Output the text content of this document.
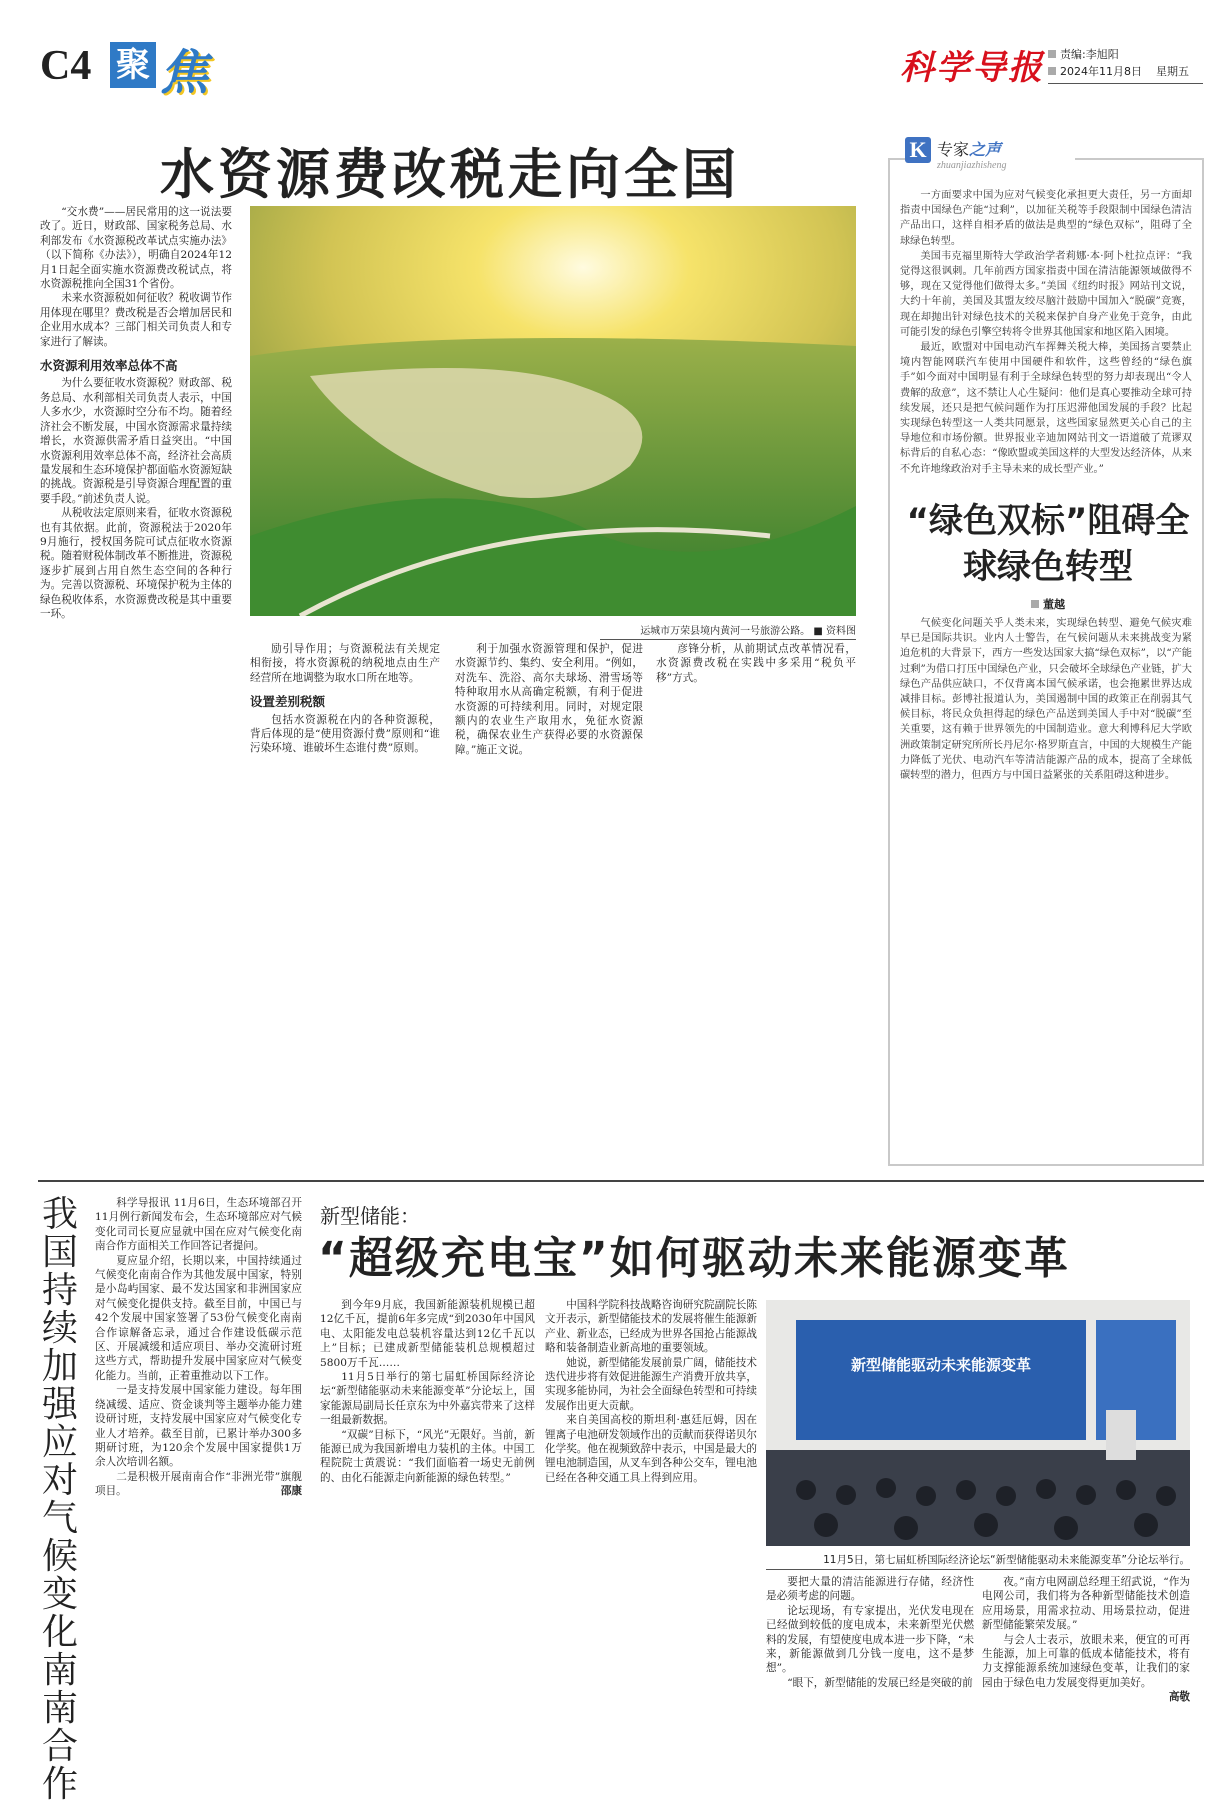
C4 聚 焦	科学导报	责编:李旭阳
2024年11月8日 星期五
水资源费改税走向全国

“交水费”——居民常用的这一说法要改了。近日，财政部、国家税务总局、水利部发布《水资源税改革试点实施办法》（以下简称《办法》），明确自2024年12月1日起全面实施水资源费改税试点，将水资源税推向全国31个省份。

未来水资源税如何征收？税收调节作用体现在哪里？费改税是否会增加居民和企业用水成本？三部门相关司负责人和专家进行了解读。

水资源利用效率总体不高

为什么要征收水资源税？财政部、税务总局、水利部相关司负责人表示，中国人多水少，水资源时空分布不均。随着经济社会不断发展，中国水资源需求量持续增长，水资源供需矛盾日益突出。“中国水资源利用效率总体不高，经济社会高质量发展和生态环境保护都面临水资源短缺的挑战。资源税是引导资源合理配置的重要手段。”前述负责人说。

从税收法定原则来看，征收水资源税也有其依据。此前，资源税法于2020年9月施行，授权国务院可试点征收水资源税。随着财税体制改革不断推进，资源税逐步扩展到占用自然生态空间的各种行为。完善以资源税、环境保护税为主体的绿色税收体系，水资源费改税是其中重要一环。

运城市万荣县境内黄河一号旅游公路。 ■ 资料图

励引导作用；与资源税法有关规定相衔接，将水资源税的纳税地点由生产经营所在地调整为取水口所在地等。

设置差别税额

包括水资源税在内的各种资源税，背后体现的是“使用资源付费”原则和“谁污染环境、谁破坏生态谁付费”原则。

利于加强水资源管理和保护，促进水资源节约、集约、安全利用。“例如，对洗车、洗浴、高尔夫球场、滑雪场等特种取用水从高确定税额，有利于促进水资源的可持续利用。同时，对规定限额内的农业生产取用水，免征水资源税，确保农业生产获得必要的水资源保障。”施正文说。

彦锋分析，从前期试点改革情况看，水资源费改税在实践中多采用“税负平移”方式。

K 专家之声
zhuanjiazhisheng

一方面要求中国为应对气候变化承担更大责任，另一方面却指责中国绿色产能“过剩”，以加征关税等手段限制中国绿色清洁产品出口，这样自相矛盾的做法是典型的“绿色双标”，阻碍了全球绿色转型。

美国韦克福里斯特大学政治学者莉娜·本·阿卜杜拉点评：“我觉得这很讽刺。几年前西方国家指责中国在清洁能源领域做得不够，现在又觉得他们做得太多。”美国《纽约时报》网站刊文说，大约十年前，美国及其盟友绞尽脑汁鼓励中国加入“脱碳”竞赛，现在却抛出针对绿色技术的关税来保护自身产业免于竞争，由此可能引发的绿色引擎空转将令世界其他国家和地区陷入困境。

最近，欧盟对中国电动汽车挥舞关税大棒，美国扬言要禁止境内智能网联汽车使用中国硬件和软件，这些曾经的“绿色旗手”如今面对中国明显有利于全球绿色转型的努力却表现出“令人费解的敌意”，这不禁让人心生疑问：他们是真心要推动全球可持续发展，还只是把气候问题作为打压迟滞他国发展的手段？比起实现绿色转型这一人类共同愿景，这些国家显然更关心自己的主导地位和市场份额。世界报业辛迪加网站刊文一语道破了荒谬双标背后的自私心态：“像欧盟或美国这样的大型发达经济体，从来不允许地缘政治对手主导未来的成长型产业。”

“绿色双标”阻碍全球绿色转型
董越

气候变化问题关乎人类未来，实现绿色转型、避免气候灾难早已是国际共识。业内人士警告，在气候问题从未来挑战变为紧迫危机的大背景下，西方一些发达国家大搞“绿色双标”，以“产能过剩”为借口打压中国绿色产业，只会破坏全球绿色产业链，扩大绿色产品供应缺口，不仅背离本国气候承诺，也会拖累世界达成减排目标。彭博社报道认为，美国遏制中国的政策正在削弱其气候目标，将民众负担得起的绿色产品送到美国人手中对“脱碳”至关重要，这有赖于世界领先的中国制造业。意大利博科尼大学欧洲政策制定研究所所长丹尼尔·格罗斯直言，中国的大规模生产能力降低了光伏、电动汽车等清洁能源产品的成本，提高了全球低碳转型的潜力，但西方与中国日益紧张的关系阻碍这种进步。

我国持续加强应对气候变化南南合作

科学导报讯 11月6日，生态环境部召开11月例行新闻发布会，生态环境部应对气候变化司司长夏应显就中国在应对气候变化南南合作方面相关工作回答记者提问。

夏应显介绍，长期以来，中国持续通过气候变化南南合作为其他发展中国家，特别是小岛屿国家、最不发达国家和非洲国家应对气候变化提供支持。截至目前，中国已与42个发展中国家签署了53份气候变化南南合作谅解备忘录，通过合作建设低碳示范区、开展减缓和适应项目、举办交流研讨班这些方式，帮助提升发展中国家应对气候变化能力。当前，正着重推动以下工作。

一是支持发展中国家能力建设。每年围绕减缓、适应、资金谈判等主题举办能力建设研讨班，支持发展中国家应对气候变化专业人才培养。截至目前，已累计举办300多期研讨班，为120余个发展中国家提供1万余人次培训名额。

二是积极开展南南合作“非洲光带”旗舰项目。	邵康

新型储能：
“超级充电宝”如何驱动未来能源变革

到今年9月底，我国新能源装机规模已超12亿千瓦，提前6年多完成“到2030年中国风电、太阳能发电总装机容量达到12亿千瓦以上”目标；已建成新型储能装机总规模超过5800万千瓦……

11月5日举行的第七届虹桥国际经济论坛“新型储能驱动未来能源变革”分论坛上，国家能源局副局长任京东为中外嘉宾带来了这样一组最新数据。

“双碳”目标下，“风光”无限好。当前，新能源已成为我国新增电力装机的主体。中国工程院院士黄震说：“我们面临着一场史无前例的、由化石能源走向新能源的绿色转型。”

中国科学院科技战略咨询研究院副院长陈文开表示，新型储能技术的发展将催生能源新产业、新业态，已经成为世界各国抢占能源战略和装备制造业新高地的重要领域。

她说，新型储能发展前景广阔，储能技术迭代进步将有效促进能源生产消费开放共享，实现多能协同，为社会全面绿色转型和可持续发展作出更大贡献。

来自美国高校的斯坦利·惠廷厄姆，因在锂离子电池研发领域作出的贡献而获得诺贝尔化学奖。他在视频致辞中表示，中国是最大的锂电池制造国，从叉车到各种公交车，锂电池已经在各种交通工具上得到应用。

新型储能驱动未来能源变革
11月5日，第七届虹桥国际经济论坛“新型储能驱动未来能源变革”分论坛举行。

要把大量的清洁能源进行存储，经济性是必须考虑的问题。

论坛现场，有专家提出，光伏发电现在已经做到较低的度电成本，未来新型光伏燃料的发展，有望使度电成本进一步下降，“未来，新能源做到几分钱一度电，这不是梦想”。

“眼下，新型储能的发展已经是突破的前

夜。”南方电网副总经理王绍武说，“作为电网公司，我们将为各种新型储能技术创造应用场景，用需求拉动、用场景拉动，促进新型储能繁荣发展。”

与会人士表示，放眼未来，便宜的可再生能源，加上可靠的低成本储能技术，将有力支撑能源系统加速绿色变革，让我们的家园由于绿色电力发展变得更加美好。
高敬
